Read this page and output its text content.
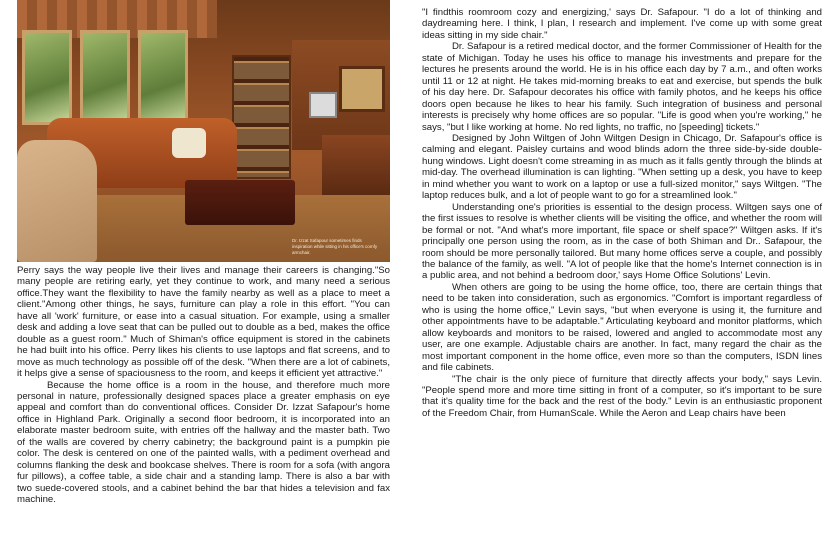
Dr. Izzat Safapour sometimes finds inspiration while sitting in his office's comfy armchair.

Perry says the way people live their lives and manage their careers is changing."So many people are retiring early, yet they continue to work, and many need a serious office.They want the flexibility to have the family nearby as well as a place to meet a client."Among other things, he says, furniture can play a role in this effort. "You can have all 'work' furniture, or ease into a casual situation. For example, using a smaller desk and adding a love seat that can be pulled out to double as a bed, makes the office double as a guest room." Much of Shiman's office equipment is stored in the cabinets he had built into his office. Perry likes his clients to use laptops and flat screens, and to move as much technology as possible off of the desk. "When there are a lot of cabinets, it helps give a sense of spaciousness to the room, and keeps it efficient yet attractive."

Because the home office is a room in the house, and therefore much more personal in nature, professionally designed spaces place a greater emphasis on eye appeal and comfort than do conventional offices. Consider Dr. Izzat Safapour's home office in Highland Park. Originally a second floor bedroom, it is incorporated into an elaborate master bedroom suite, with entries off the hallway and the master bath. Two of the walls are covered by cherry cabinetry; the background paint is a pumpkin pie color. The desk is centered on one of the painted walls, with a pediment overhead and columns flanking the desk and bookcase shelves. There is room for a sofa (with angora fur pillows), a coffee table, a side chair and a standing lamp. There is also a bar with two suede-covered stools, and a cabinet behind the bar that hides a television and fax machine.

"I findthis roomroom cozy and energizing,' says Dr. Safapour. "I do a lot of thinking and daydreaming here. I think, I plan, I research and implement. I've come up with some great ideas sitting in my side chair."

Dr. Safapour is a retired medical doctor, and the former Commissioner of Health for the state of Michigan. Today he uses his office to manage his investments and prepare for the lectures he presents around the world. He is in his office each day by 7 a.m., and often works until 11 or 12 at night. He takes mid-morning breaks to eat and exercise, but spends the bulk of his day here. Dr. Safapour decorates his office with family photos, and he keeps his office doors open because he likes to hear his family. Such integration of business and personal interests is precisely why home offices are so popular. "Life is good when you're working," he says, "but I like working at home. No red lights, no traffic, no [speeding] tickets."

Designed by John Wiltgen of John Wiltgen Design in Chicago, Dr. Safapour's office is calming and elegant. Paisley curtains and wood blinds adorn the three side-by-side double-hung windows. Light doesn't come streaming in as much as it falls gently through the blinds at mid-day. The overhead illumination is can lighting. "When setting up a desk, you have to keep in mind whether you want to work on a laptop or use a full-sized monitor," says Wiltgen. "The laptop reduces bulk, and a lot of people want to go for a streamlined look."

Understanding one's priorities is essential to the design process. Wiltgen says one of the first issues to resolve is whether clients will be visiting the office, and whether the room will be formal or not. "And what's more important, file space or shelf space?" Wiltgen asks. If it's principally one person using the room, as in the case of both Shiman and Dr.. Safapour, the room should be more personally tailored. But many home offices serve a couple, and possibly the balance of the family, as well. "A lot of people like that the home's Internet connection is in a public area, and not behind a bedroom door,' says Home Office Solutions' Levin.

When others are going to be using the home office, too, there are certain things that need to be taken into consideration, such as ergonomics. "Comfort is important regardless of who is using the home office," Levin says, "but when everyone is using it, the furniture and other appointments have to be adaptable." Articulating keyboard and monitor platforms, which allow keyboards and monitors to be raised, lowered and angled to accommodate most any user, are one example. Adjustable chairs are another. In fact, many regard the chair as the most important component in the home office, even more so than the computers, ISDN lines and file cabinets.

"The chair is the only piece of furniture that directly affects your body," says Levin. "People spend more and more time sitting in front of a computer, so it's important to be sure that it's quality time for the back and the rest of the body." Levin is an enthusiastic proponent of the Freedom Chair, from HumanScale. While the Aeron and Leap chairs have been
